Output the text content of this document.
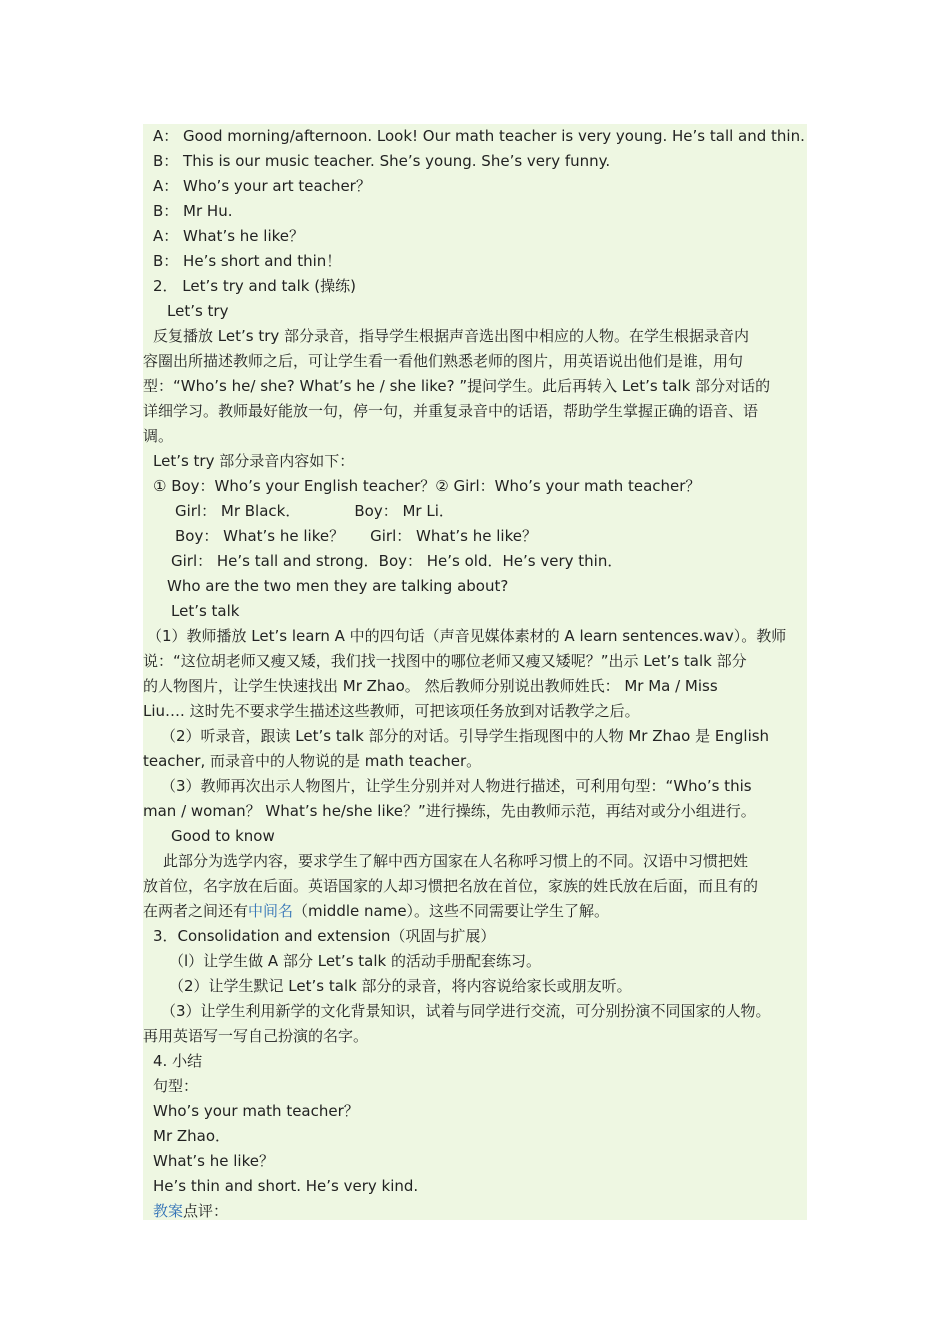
A： Good morning/afternoon. Look! Our math teacher is very young. He’s tall and thin.
B： This is our music teacher. She’s young. She’s very funny.
A： Who’s your art teacher？
B： Mr Hu.
A： What’s he like？
B： He’s short and thin！
2． Let’s try and talk (操练)
Let’s try
反复播放 Let’s try 部分录音，指导学生根据声音选出图中相应的人物。在学生根据录音内
容圈出所描述教师之后，可让学生看一看他们熟悉老师的图片，用英语说出他们是谁，用句
型：“Who’s he/ she? What’s he / she like? ”提问学生。此后再转入 Let’s talk 部分对话的
详细学习。教师最好能放一句，停一句，并重复录音中的话语，帮助学生掌握正确的语音、语
调。
Let’s try 部分录音内容如下：
① Boy：Who’s your English teacher？② Girl：Who’s your math teacher？
Girl： Mr Black．	Boy： Mr Li．
Boy： What’s he like？ Girl： What’s he like？
Girl： He’s tall and strong．Boy： He’s old．He’s very thin．
Who are the two men they are talking about?
Let’s talk
（1）教师播放 Let’s learn A 中的四句话（声音见媒体素材的 A learn sentences.wav）。教师
说：“这位胡老师又瘦又矮，我们找一找图中的哪位老师又瘦又矮呢？”出示 Let’s talk 部分
的人物图片，让学生快速找出 Mr Zhao。 然后教师分别说出教师姓氏： Mr Ma / Miss
Liu…. 这时先不要求学生描述这些教师，可把该项任务放到对话教学之后。
（2）听录音，跟读 Let’s talk 部分的对话。引导学生指现图中的人物 Mr Zhao 是 English
teacher, 而录音中的人物说的是 math teacher。
（3）教师再次出示人物图片，让学生分别并对人物进行描述，可利用句型：“Who’s this
man / woman？ What’s he/she like？”进行操练，先由教师示范，再结对或分小组进行。
Good to know
此部分为选学内容，要求学生了解中西方国家在人名称呼习惯上的不同。汉语中习惯把姓
放首位，名字放在后面。英语国家的人却习惯把名放在首位，家族的姓氏放在后面，而且有的
在两者之间还有中间名（middle name）。这些不同需要让学生了解。
3．Consolidation and extension（巩固与扩展）
（l）让学生做 A 部分 Let’s talk 的活动手册配套练习。
（2）让学生默记 Let’s talk 部分的录音，将内容说给家长或朋友听。
（3）让学生利用新学的文化背景知识，试着与同学进行交流，可分别扮演不同国家的人物。
再用英语写一写自己扮演的名字。
4. 小结
句型：
Who’s your math teacher？
Mr Zhao．
What’s he like？
He’s thin and short. He’s very kind.
教案点评：
